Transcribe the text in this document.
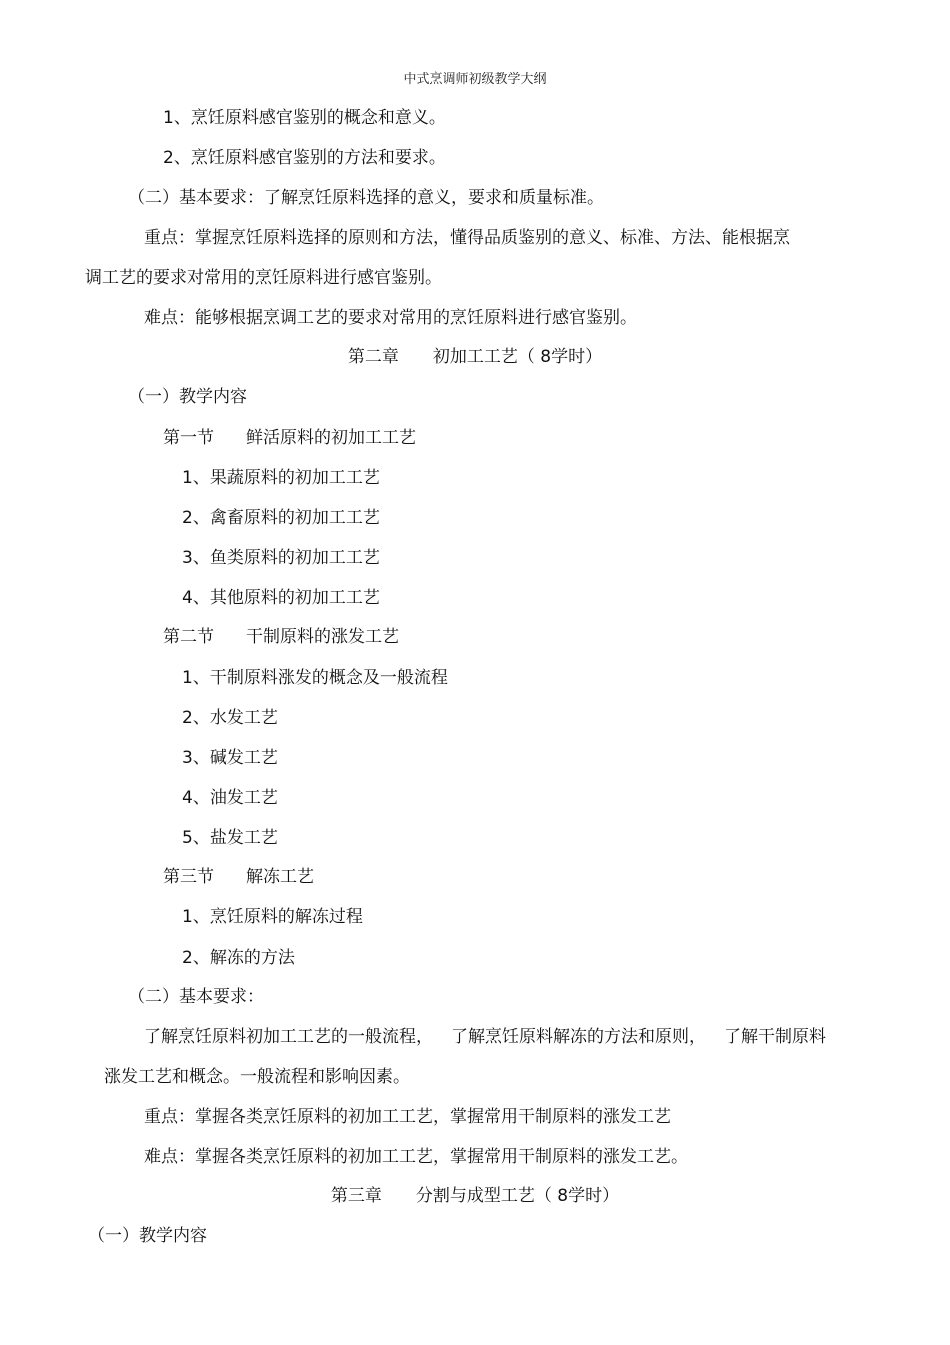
中式烹调师初级教学大纲
1、烹饪原料感官鉴别的概念和意义。
2、烹饪原料感官鉴别的方法和要求。
（二）基本要求：了解烹饪原料选择的意义，要求和质量标准。
重点：掌握烹饪原料选择的原则和方法，懂得品质鉴别的意义、标准、方法、能根据烹
调工艺的要求对常用的烹饪原料进行感官鉴别。
难点：能够根据烹调工艺的要求对常用的烹饪原料进行感官鉴别。
第二章 初加工工艺（ 8学时）
（一）教学内容
第一节 鲜活原料的初加工工艺
1、果蔬原料的初加工工艺
2、禽畜原料的初加工工艺
3、鱼类原料的初加工工艺
4、其他原料的初加工工艺
第二节 干制原料的涨发工艺
1、干制原料涨发的概念及一般流程
2、水发工艺
3、碱发工艺
4、油发工艺
5、盐发工艺
第三节 解冻工艺
1、烹饪原料的解冻过程
2、解冻的方法
（二）基本要求：
了解烹饪原料初加工工艺的一般流程， 了解烹饪原料解冻的方法和原则， 了解干制原料
涨发工艺和概念。一般流程和影响因素。
重点：掌握各类烹饪原料的初加工工艺，掌握常用干制原料的涨发工艺
难点：掌握各类烹饪原料的初加工工艺，掌握常用干制原料的涨发工艺。
第三章 分割与成型工艺（ 8学时）
（一）教学内容
